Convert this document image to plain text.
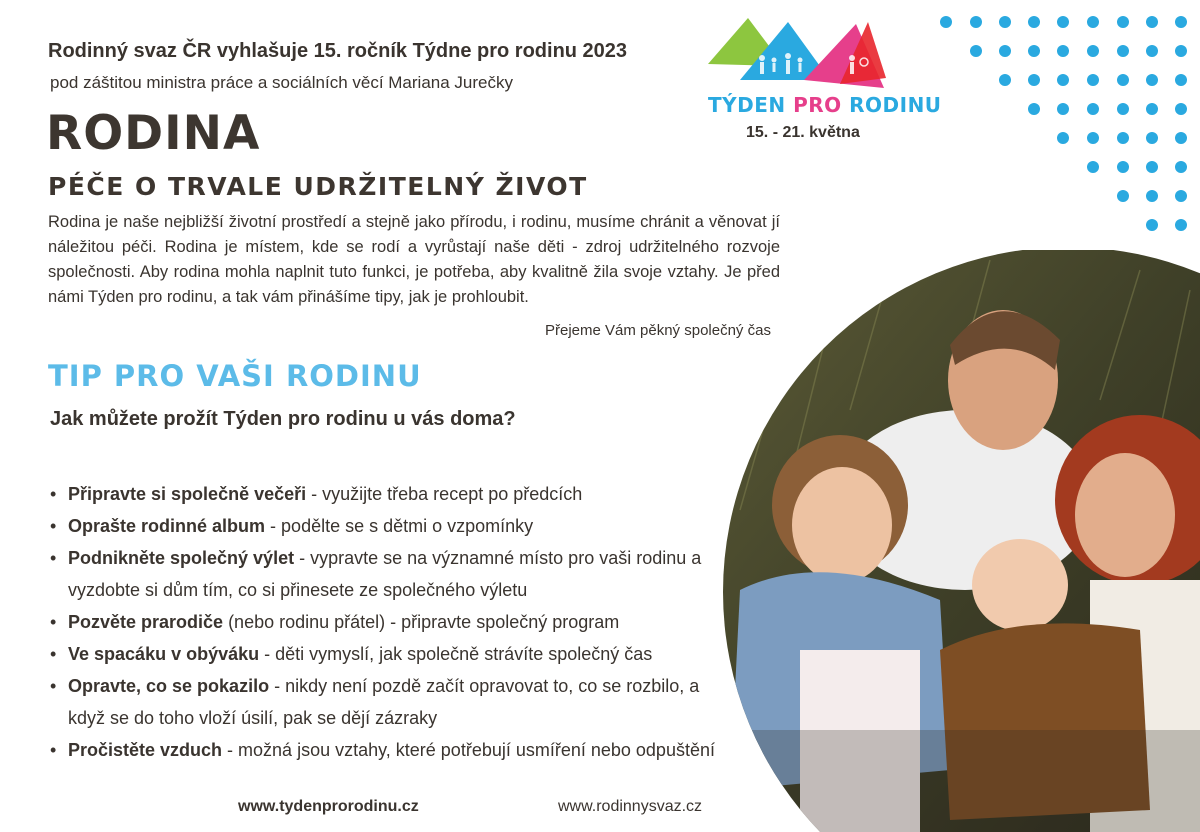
Rodinný svaz ČR vyhlašuje 15. ročník Týdne pro rodinu 2023
pod záštitou ministra práce a sociálních věcí Mariana Jurečky
RODINA
PÉČE O TRVALE UDRŽITELNÝ ŽIVOT
Rodina je naše nejbližší životní prostředí a stejně jako přírodu, i rodinu, musíme chránit a věnovat jí náležitou péči. Rodina je místem, kde se rodí a vyrůstají naše děti - zdroj udržitelného rozvoje společnosti. Aby rodina mohla naplnit tuto funkci, je potřeba, aby kvalitně žila svoje vztahy. Je před námi Týden pro rodinu, a tak vám přinášíme tipy, jak je prohloubit.
Přejeme Vám pěkný společný čas
TIP PRO VAŠI RODINU
Jak můžete prožít Týden pro rodinu u vás doma?
• Připravte si společně večeři - využijte třeba recept po předcích
• Oprašte rodinné album - podělte se s dětmi o vzpomínky
• Podnikněte společný výlet - vypravte se na významné místo pro vaši rodinu a vyzdobte si dům tím, co si přinesete ze společného výletu
• Pozvěte prarodiče (nebo rodinu přátel) - připravte společný program
• Ve spacáku v obýváku - děti vymyslí, jak společně strávíte společný čas
• Opravte, co se pokazilo - nikdy není pozdě začít opravovat to, co se rozbilo, a když se do toho vloží úsilí, pak se dějí zázraky
• Pročistěte vzduch - možná jsou vztahy, které potřebují usmíření nebo odpuštění
www.tydenprorodinu.cz	www.rodinnysvaz.cz
TÝDEN PRO RODINU
15. - 21. května
